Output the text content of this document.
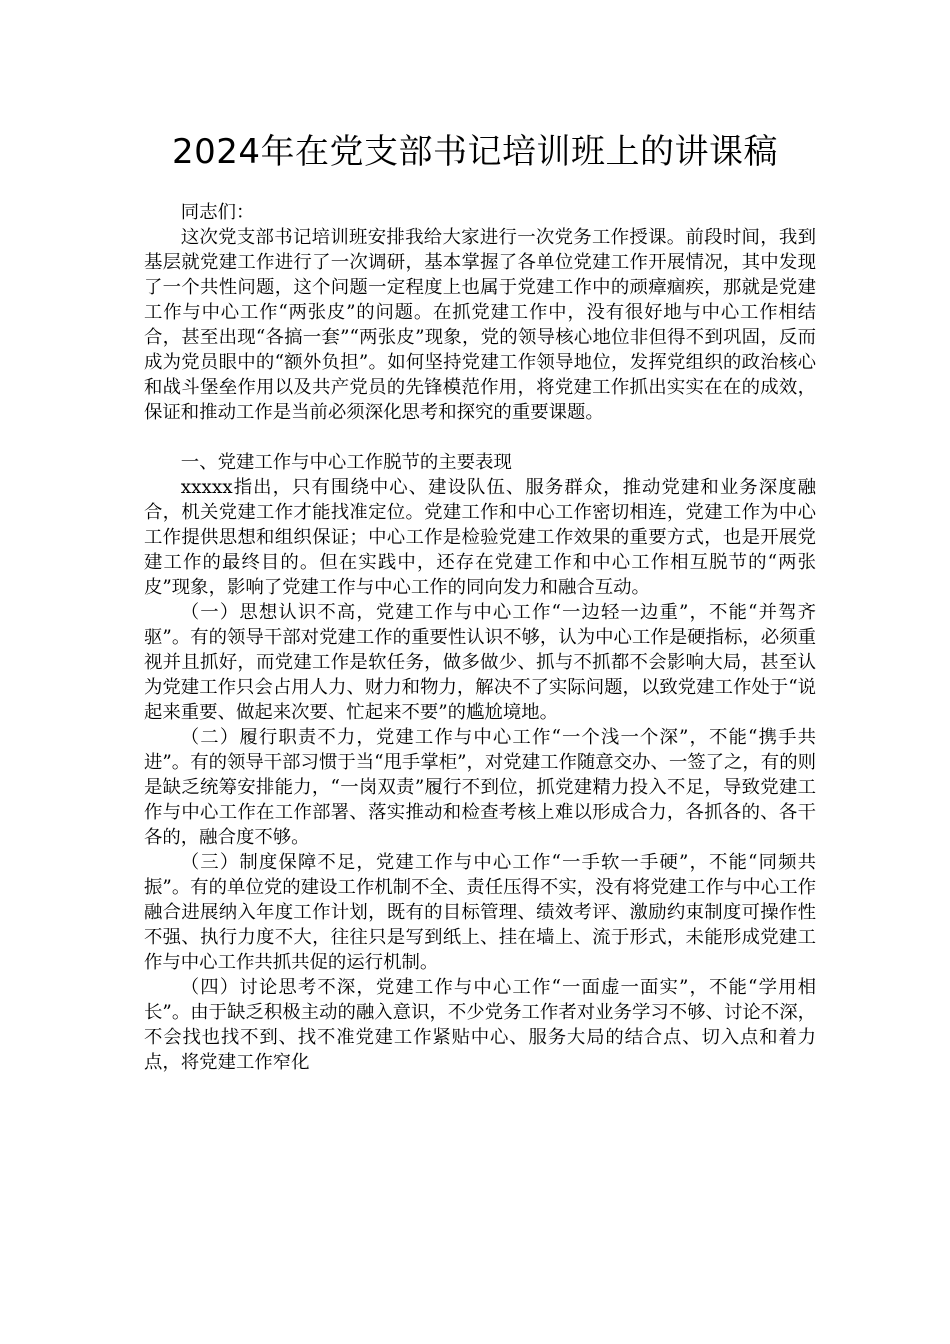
2024年在党支部书记培训班上的讲课稿

同志们：

这次党支部书记培训班安排我给大家进行一次党务工作授课。前段时间，我到基层就党建工作进行了一次调研，基本掌握了各单位党建工作开展情况，其中发现了一个共性问题，这个问题一定程度上也属于党建工作中的顽瘴痼疾，那就是党建工作与中心工作“两张皮”的问题。在抓党建工作中，没有很好地与中心工作相结合，甚至出现“各搞一套”“两张皮”现象，党的领导核心地位非但得不到巩固，反而成为党员眼中的“额外负担”。如何坚持党建工作领导地位，发挥党组织的政治核心和战斗堡垒作用以及共产党员的先锋模范作用，将党建工作抓出实实在在的成效，保证和推动工作是当前必须深化思考和探究的重要课题。

一、党建工作与中心工作脱节的主要表现

xxxxx指出，只有围绕中心、建设队伍、服务群众，推动党建和业务深度融合，机关党建工作才能找准定位。党建工作和中心工作密切相连，党建工作为中心工作提供思想和组织保证；中心工作是检验党建工作效果的重要方式，也是开展党建工作的最终目的。但在实践中，还存在党建工作和中心工作相互脱节的“两张皮”现象，影响了党建工作与中心工作的同向发力和融合互动。

（一）思想认识不高，党建工作与中心工作“一边轻一边重”，不能“并驾齐驱”。有的领导干部对党建工作的重要性认识不够，认为中心工作是硬指标，必须重视并且抓好，而党建工作是软任务，做多做少、抓与不抓都不会影响大局，甚至认为党建工作只会占用人力、财力和物力，解决不了实际问题，以致党建工作处于“说起来重要、做起来次要、忙起来不要”的尴尬境地。

（二）履行职责不力，党建工作与中心工作“一个浅一个深”，不能“携手共进”。有的领导干部习惯于当“甩手掌柜”，对党建工作随意交办、一签了之，有的则是缺乏统筹安排能力，“一岗双责”履行不到位，抓党建精力投入不足，导致党建工作与中心工作在工作部署、落实推动和检查考核上难以形成合力，各抓各的、各干各的，融合度不够。

（三）制度保障不足，党建工作与中心工作“一手软一手硬”，不能“同频共振”。有的单位党的建设工作机制不全、责任压得不实，没有将党建工作与中心工作融合进展纳入年度工作计划，既有的目标管理、绩效考评、激励约束制度可操作性不强、执行力度不大，往往只是写到纸上、挂在墙上、流于形式，未能形成党建工作与中心工作共抓共促的运行机制。

（四）讨论思考不深，党建工作与中心工作“一面虚一面实”，不能“学用相长”。由于缺乏积极主动的融入意识，不少党务工作者对业务学习不够、讨论不深，不会找也找不到、找不准党建工作紧贴中心、服务大局的结合点、切入点和着力点，将党建工作窄化
